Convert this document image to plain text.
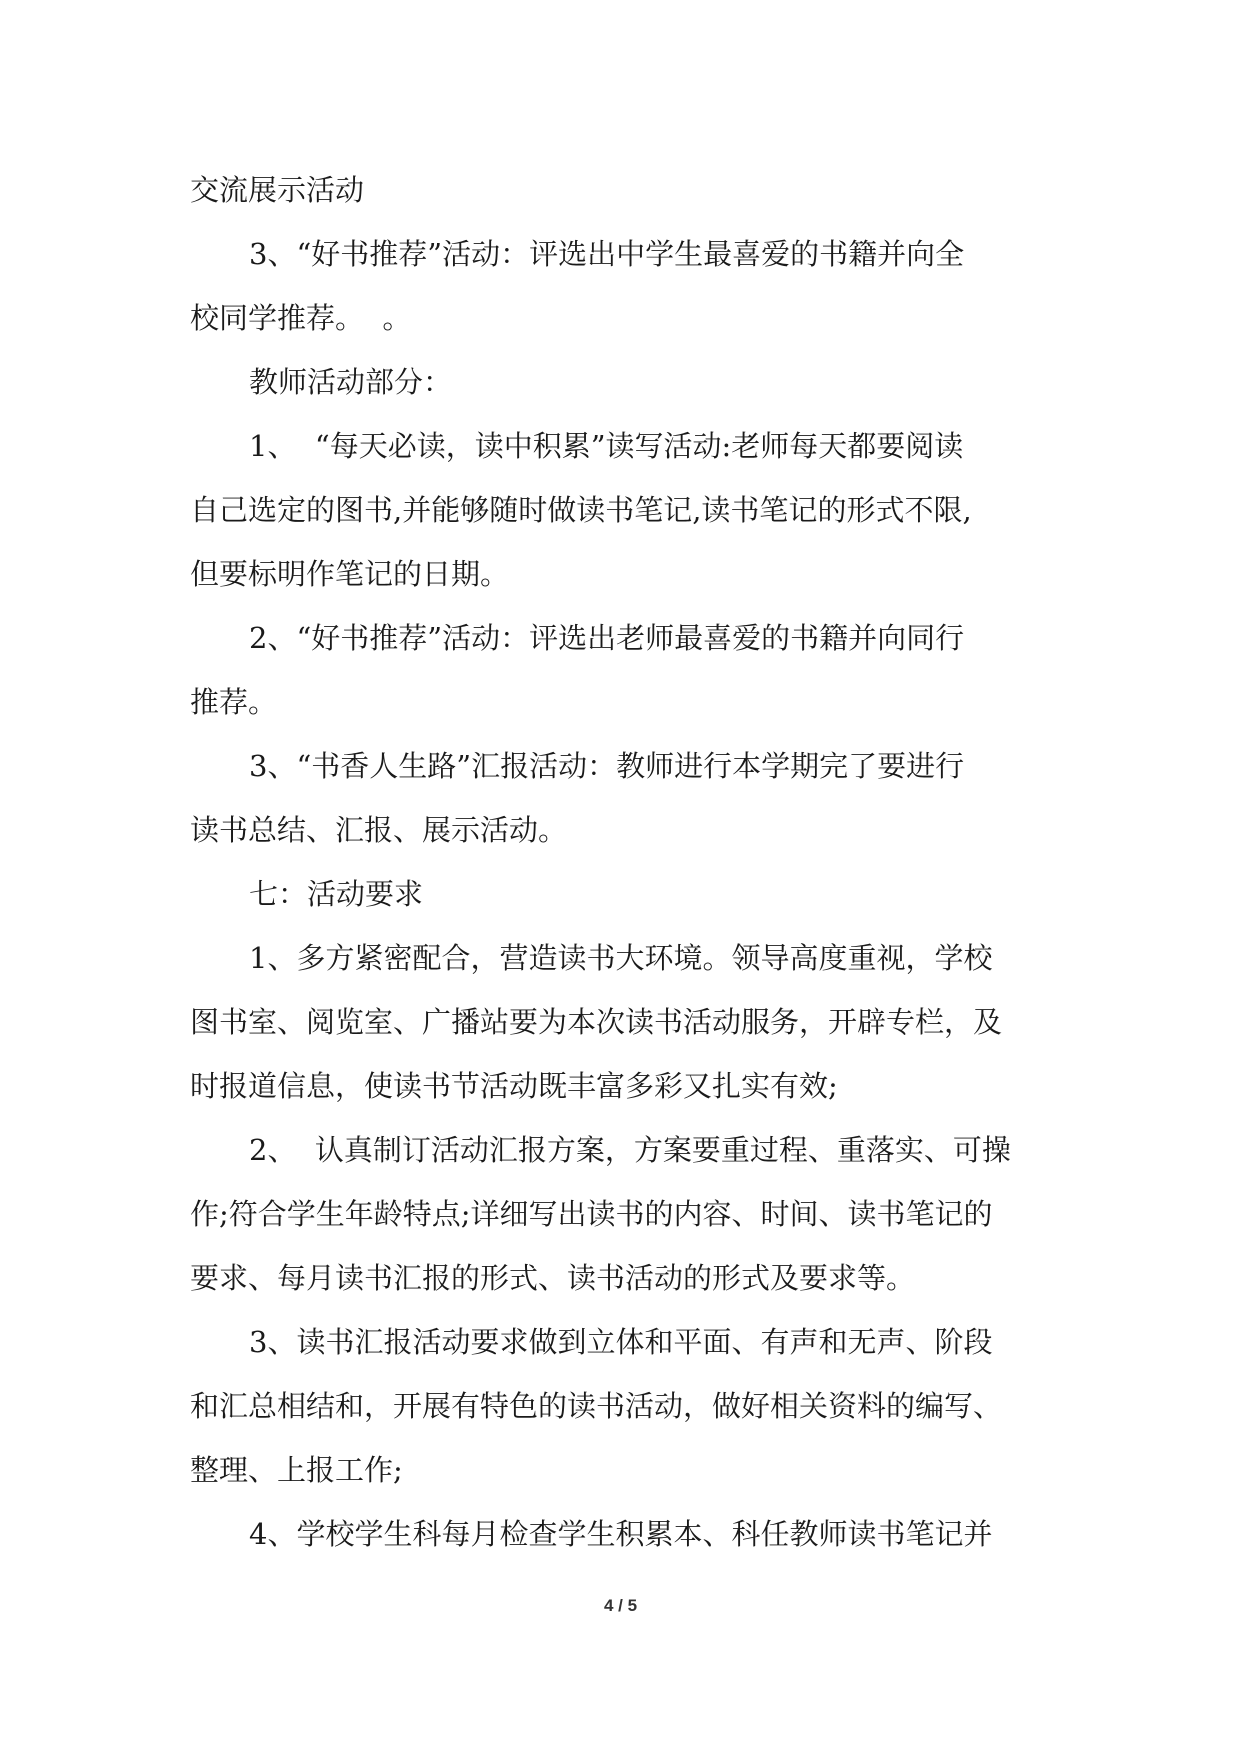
交流展示活动
3、“好书推荐”活动：评选出中学生最喜爱的书籍并向全
校同学推荐。  。
教师活动部分：
1、  “每天必读，读中积累”读写活动:老师每天都要阅读
自己选定的图书,并能够随时做读书笔记,读书笔记的形式不限,
但要标明作笔记的日期。
2、“好书推荐”活动：评选出老师最喜爱的书籍并向同行
推荐。
3、“书香人生路”汇报活动：教师进行本学期完了要进行
读书总结、汇报、展示活动。
七：活动要求
1、多方紧密配合，营造读书大环境。领导高度重视，学校
图书室、阅览室、广播站要为本次读书活动服务，开辟专栏，及
时报道信息，使读书节活动既丰富多彩又扎实有效;
2、  认真制订活动汇报方案，方案要重过程、重落实、可操
作;符合学生年龄特点;详细写出读书的内容、时间、读书笔记的
要求、每月读书汇报的形式、读书活动的形式及要求等。
3、读书汇报活动要求做到立体和平面、有声和无声、阶段
和汇总相结和，开展有特色的读书活动，做好相关资料的编写、
整理、上报工作;
4、学校学生科每月检查学生积累本、科任教师读书笔记并
4 / 5
